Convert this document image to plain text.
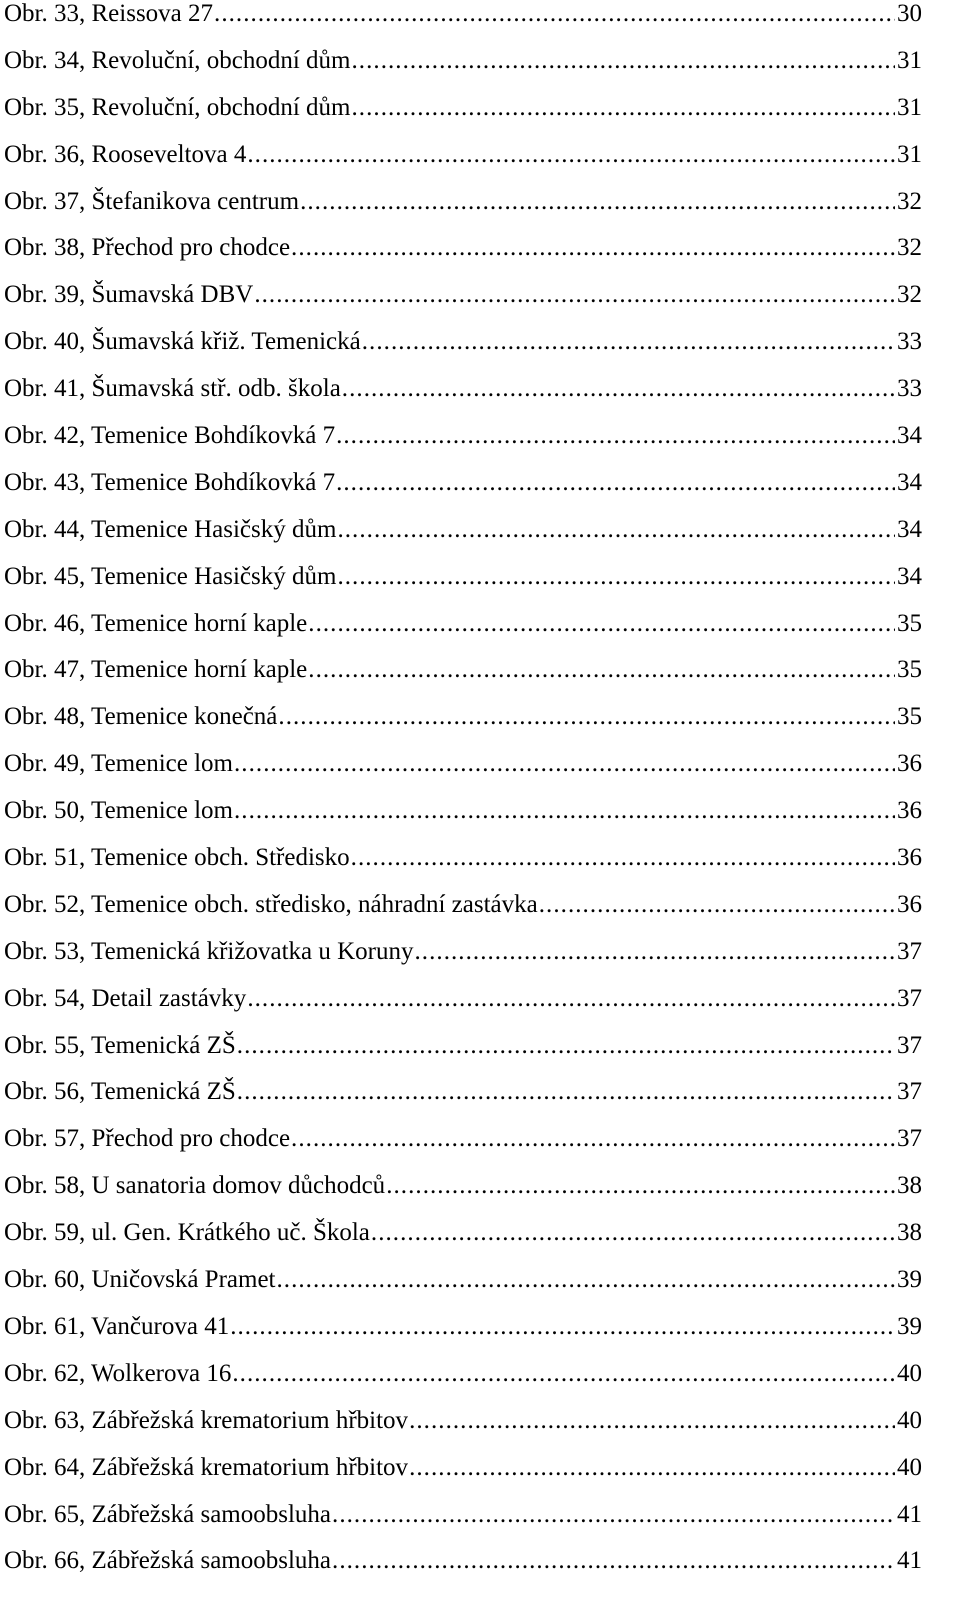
Obr. 33, Reissova 27 . . .	30
Obr. 34, Revoluční, obchodní dům . . .	31
Obr. 35, Revoluční, obchodní dům . . .	31
Obr. 36, Rooseveltova 4 . . .	31
Obr. 37, Štefanikova centrum . . .	32
Obr. 38, Přechod pro chodce . . .	32
Obr. 39, Šumavská DBV . . .	32
Obr. 40, Šumavská křiž. Temenická . . .	33
Obr. 41, Šumavská stř. odb. škola . . .	33
Obr. 42, Temenice Bohdíkovká 7 . . .	34
Obr. 43, Temenice Bohdíkovká 7 . . .	34
Obr. 44, Temenice Hasičský dům . . .	34
Obr. 45, Temenice Hasičský dům . . .	34
Obr. 46, Temenice horní kaple . . .	35
Obr. 47, Temenice horní kaple . . .	35
Obr. 48, Temenice konečná . . .	35
Obr. 49, Temenice lom . . .	36
Obr. 50, Temenice lom . . .	36
Obr. 51, Temenice obch. Středisko . . .	36
Obr. 52, Temenice obch. středisko, náhradní zastávka . . .	36
Obr. 53, Temenická křižovatka u Koruny . . .	37
Obr. 54, Detail zastávky . . .	37
Obr. 55, Temenická ZŠ . . .	37
Obr. 56, Temenická ZŠ . . .	37
Obr. 57, Přechod pro chodce . . .	37
Obr. 58, U sanatoria domov důchodců . . .	38
Obr. 59, ul. Gen. Krátkého uč. Škola . . .	38
Obr. 60, Uničovská Pramet . . .	39
Obr. 61, Vančurova 41 . . .	39
Obr. 62, Wolkerova 16 . . .	40
Obr. 63, Zábřežská krematorium hřbitov . . .	40
Obr. 64, Zábřežská krematorium hřbitov . . .	40
Obr. 65, Zábřežská samoobsluha . . .	41
Obr. 66, Zábřežská samoobsluha . . .	41
